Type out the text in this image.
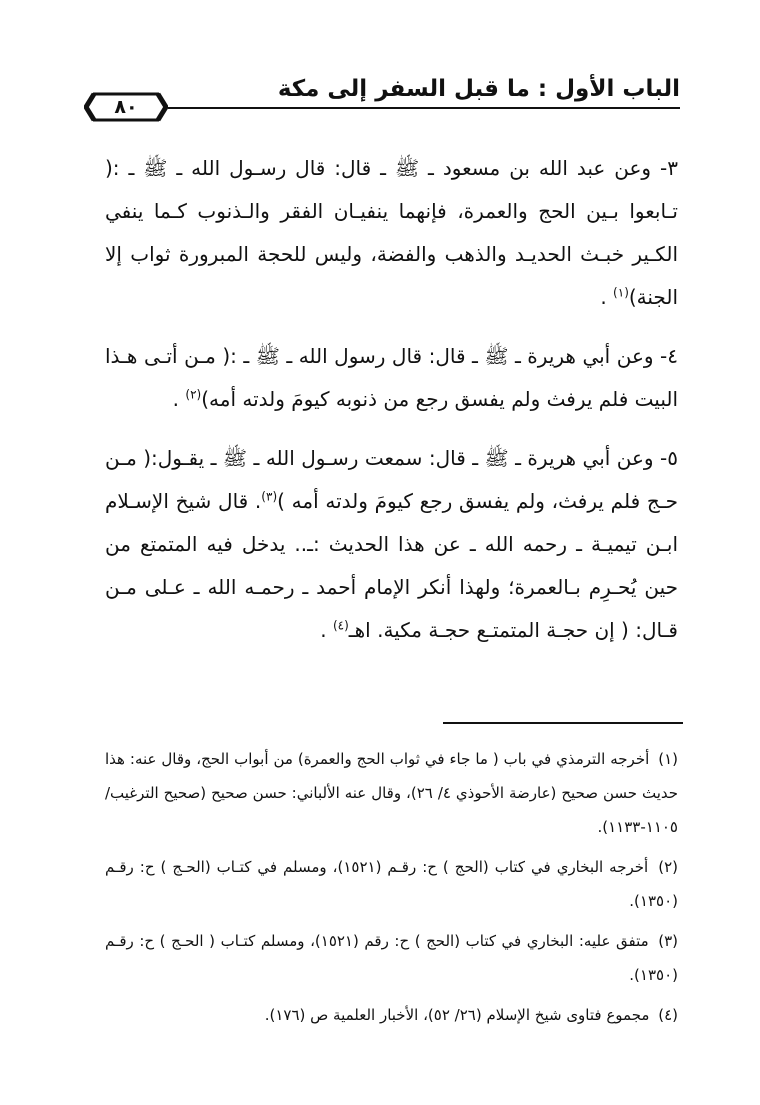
الباب الأول : ما قبل السفر إلى مكة
٨٠

٣- وعن عبد الله بن مسعود ـ ﷺ ـ قال: قال رسـول الله ـ ﷺ ـ :( تـابعوا بـين الحج والعمرة، فإنهما ينفيـان الفقر والـذنوب كـما ينفي الكـير خبـث الحديـد والذهب والفضة، وليس للحجة المبرورة ثواب إلا الجنة)$^{(١)}$ .

٤- وعن أبي هريرة ـ ﷺ ـ قال: قال رسول الله ـ ﷺ ـ :( مـن أتـى هـذا البيت فلم يرفث ولم يفسق رجع من ذنوبه كيومَ ولدته أمه)$^{(٢)}$ .

٥- وعن أبي هريرة ـ ﷺ ـ قال: سمعت رسـول الله ـ ﷺ ـ يقـول:( مـن حـج فلم يرفث، ولم يفسق رجع كيومَ ولدته أمه )$^{(٣)}$. قال شيخ الإسـلام ابـن تيميـة ـ رحمه الله ـ عن هذا الحديث :ـ.. يدخل فيه المتمتع من حين يُحـرِم بـالعمرة؛ ولهذا أنكر الإمام أحمد ـ رحمـه الله ـ عـلى مـن قـال: ( إن حجـة المتمتـع حجـة مكية. اهـ$^{(٤)}$ .

(١) أخرجه الترمذي في باب ( ما جاء في ثواب الحج والعمرة) من أبواب الحج، وقال عنه: هذا حديث حسن صحيح (عارضة الأحوذي ٤/ ٢٦)، وقال عنه الألباني: حسن صحيح (صحيح الترغيب/ ١١٠٥-١١٣٣).

(٢) أخرجه البخاري في كتاب (الحج ) ح: رقـم (١٥٢١)، ومسلم في كتـاب (الحـج ) ح: رقـم (١٣٥٠).

(٣) متفق عليه: البخاري في كتاب (الحج ) ح: رقم (١٥٢١)، ومسلم كتـاب ( الحـج ) ح: رقـم (١٣٥٠).

(٤) مجموع فتاوى شيخ الإسلام (٢٦/ ٥٢)، الأخبار العلمية ص (١٧٦).
